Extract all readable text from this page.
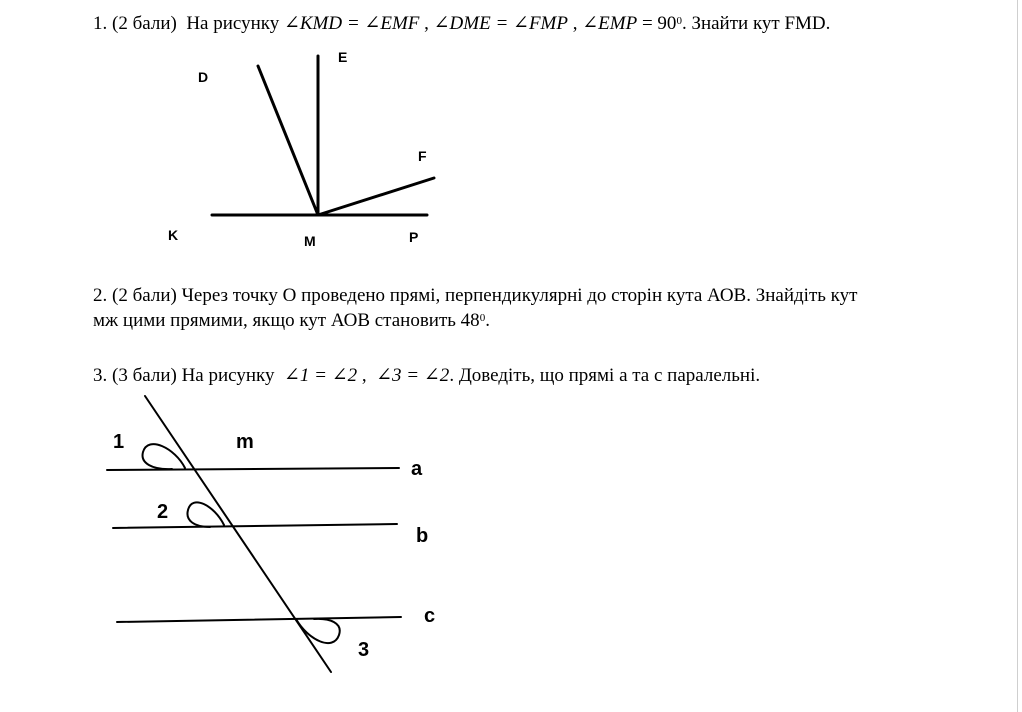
1. (2 бали) На рисунку ∠KMD = ∠EMF , ∠DME = ∠FMP , ∠EMP = $90^0$. Знайти кут FMD.
D
E
F
K	M	P
2. (2 бали) Через точку О проведено прямі, перпендикулярні до сторін кута АОВ. Знайдіть кут
мж цими прямими, якщо кут АОВ становить $48^0$.
3. (3 бали) На рисунку ∠1 = ∠2 ,  ∠3 = ∠2. Доведіть, що прямі а та с паралельні.
1	m
a
2
b
c
3
